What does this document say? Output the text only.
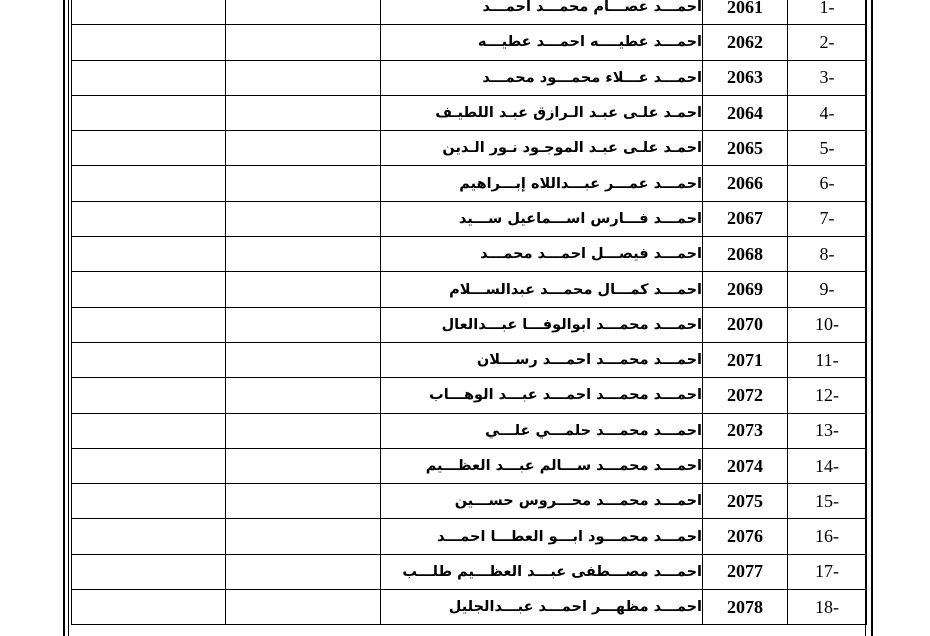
		احمـــد عصـــام محمـــد احمـــد	2061	-1
		احمـــد عطيــــه احمـــد عطيـــه	2062	-2
		احمـــد عـــلاء محمـــود محمـــد	2063	-3
		احمـد علـى عبـد الـرازق عبـد اللطيـف	2064	-4
		احمـد علـى عبـد الموجـود نـور الـدين	2065	-5
		احمـــد عمـــر عبـــداللاه إبـــراهيم	2066	-6
		احمـــد فـــارس اســـماعيل ســـيد	2067	-7
		احمـــد فيصـــل احمـــد محمـــد	2068	-8
		احمـــد كمـــال محمـــد عبدالســـلام	2069	-9
		احمـــد محمـــد ابوالوفـــا عبـــدالعال	2070	-10
		احمـــد محمـــد احمـــد رســـلان	2071	-11
		احمـــد محمـــد احمـــد عبـــد الوهـــاب	2072	-12
		احمـــد محمـــد حلمـــي علـــي	2073	-13
		احمـــد محمـــد ســـالم عبـــد العظـــيم	2074	-14
		احمـــد محمـــد محـــروس حســـين	2075	-15
		احمـــد محمـــود ابـــو العطـــا احمـــد	2076	-16
		احمـــد مصـــطفى عبـــد العظـــيم طلـــب	2077	-17
		احمـــد مظهـــر احمـــد عبـــدالجليل	2078	-18
